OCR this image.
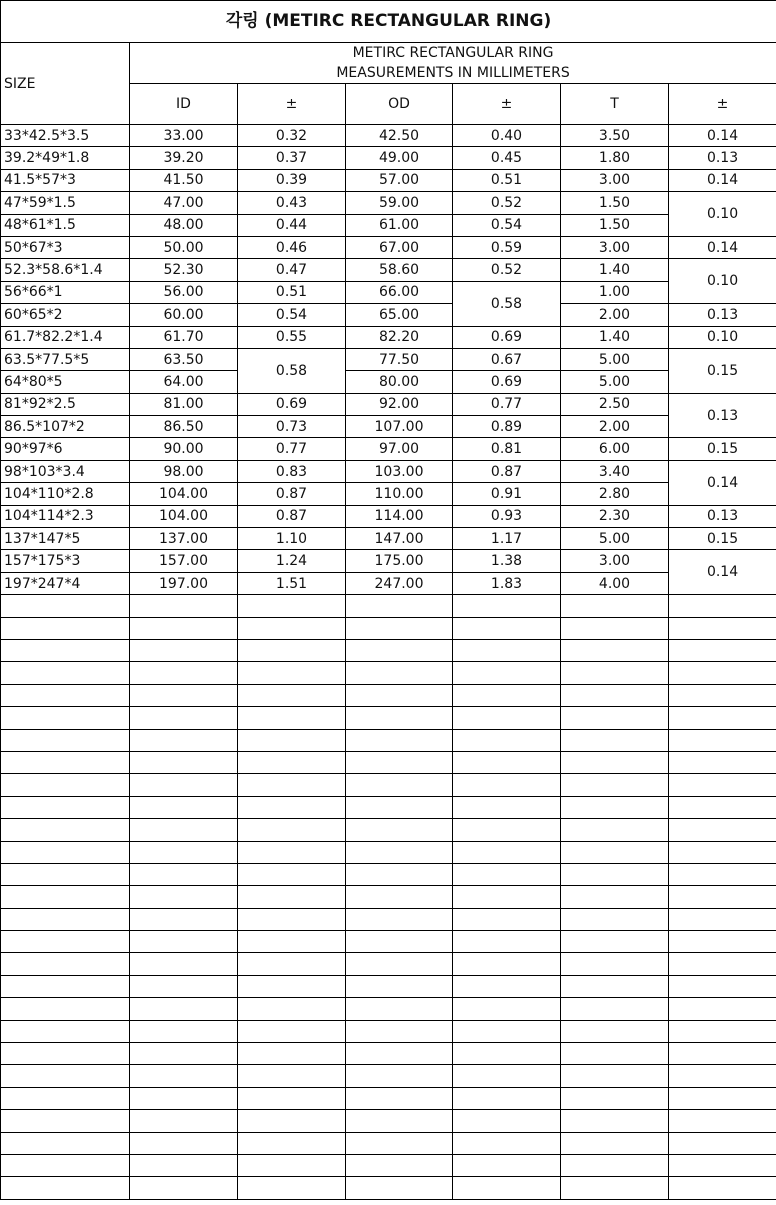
각링 (METIRC RECTANGULAR RING)						
SIZE	METIRC RECTANGULAR RING
MEASUREMENTS IN MILLIMETERS					
	ID	±	OD	±	T	±
33*42.5*3.5	33.00	0.32	42.50	0.40	3.50	0.14
39.2*49*1.8	39.20	0.37	49.00	0.45	1.80	0.13
41.5*57*3	41.50	0.39	57.00	0.51	3.00	0.14
47*59*1.5	47.00	0.43	59.00	0.52	1.50	0.10
48*61*1.5	48.00	0.44	61.00	0.54	1.50	
50*67*3	50.00	0.46	67.00	0.59	3.00	0.14
52.3*58.6*1.4	52.30	0.47	58.60	0.52	1.40	0.10
56*66*1	56.00	0.51	66.00	0.58	1.00	
60*65*2	60.00	0.54	65.00		2.00	0.13
61.7*82.2*1.4	61.70	0.55	82.20	0.69	1.40	0.10
63.5*77.5*5	63.50	0.58	77.50	0.67	5.00	0.15
64*80*5	64.00		80.00	0.69	5.00	
81*92*2.5	81.00	0.69	92.00	0.77	2.50	0.13
86.5*107*2	86.50	0.73	107.00	0.89	2.00	
90*97*6	90.00	0.77	97.00	0.81	6.00	0.15
98*103*3.4	98.00	0.83	103.00	0.87	3.40	0.14
104*110*2.8	104.00	0.87	110.00	0.91	2.80	
104*114*2.3	104.00	0.87	114.00	0.93	2.30	0.13
137*147*5	137.00	1.10	147.00	1.17	5.00	0.15
157*175*3	157.00	1.24	175.00	1.38	3.00	0.14
197*247*4	197.00	1.51	247.00	1.83	4.00	
